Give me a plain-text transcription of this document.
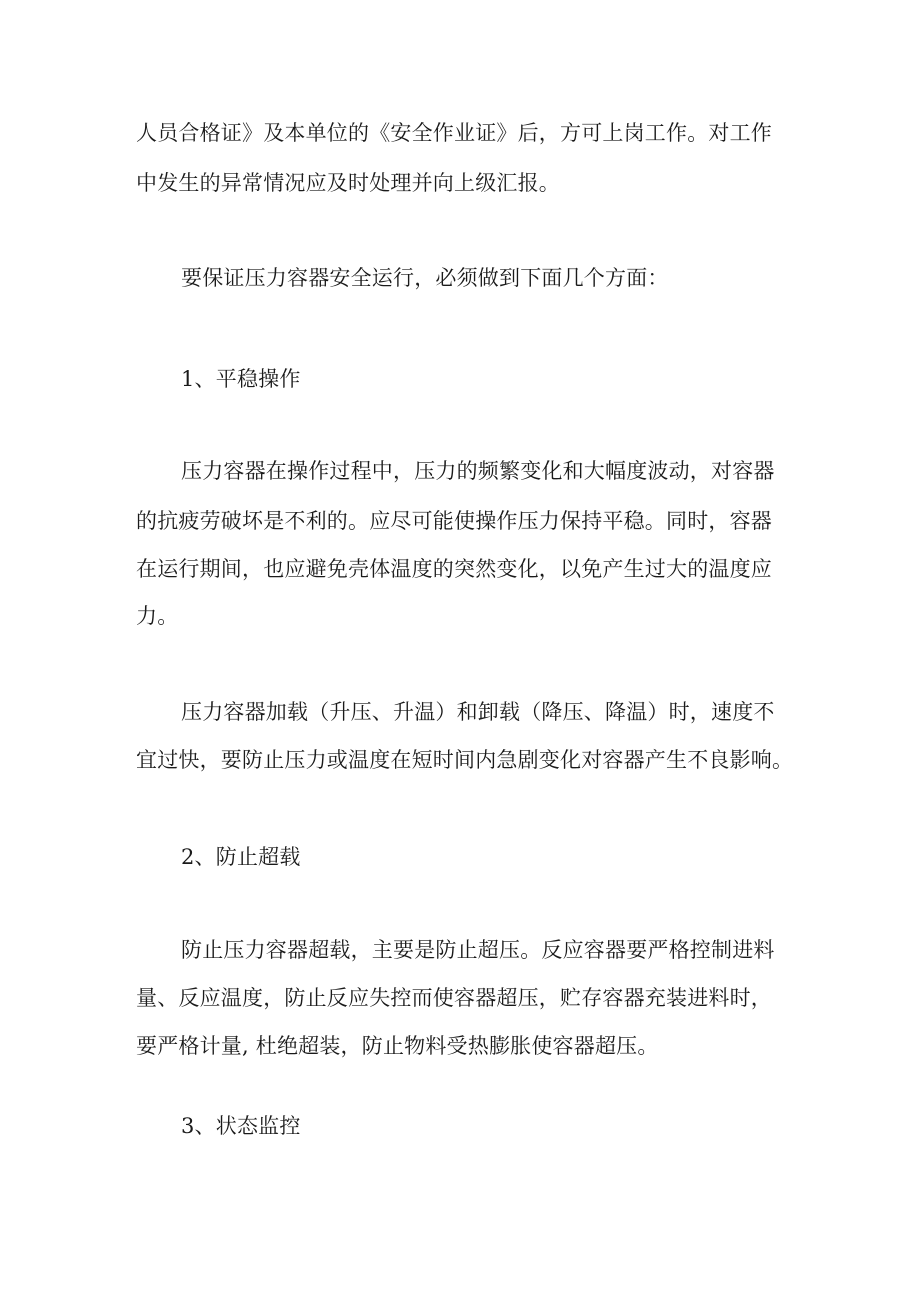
人员合格证》及本单位的《安全作业证》后，方可上岗工作。对工作
中发生的异常情况应及时处理并向上级汇报。
要保证压力容器安全运行，必须做到下面几个方面：
1、平稳操作
压力容器在操作过程中，压力的频繁变化和大幅度波动，对容器
的抗疲劳破坏是不利的。应尽可能使操作压力保持平稳。同时，容器
在运行期间，也应避免壳体温度的突然变化，以免产生过大的温度应
力。
压力容器加载（升压、升温）和卸载（降压、降温）时，速度不
宜过快，要防止压力或温度在短时间内急剧变化对容器产生不良影响。
2、防止超载
防止压力容器超载，主要是防止超压。反应容器要严格控制进料
量、反应温度，防止反应失控而使容器超压，贮存容器充装进料时，
要严格计量, 杜绝超装，防止物料受热膨胀使容器超压。
3、状态监控
